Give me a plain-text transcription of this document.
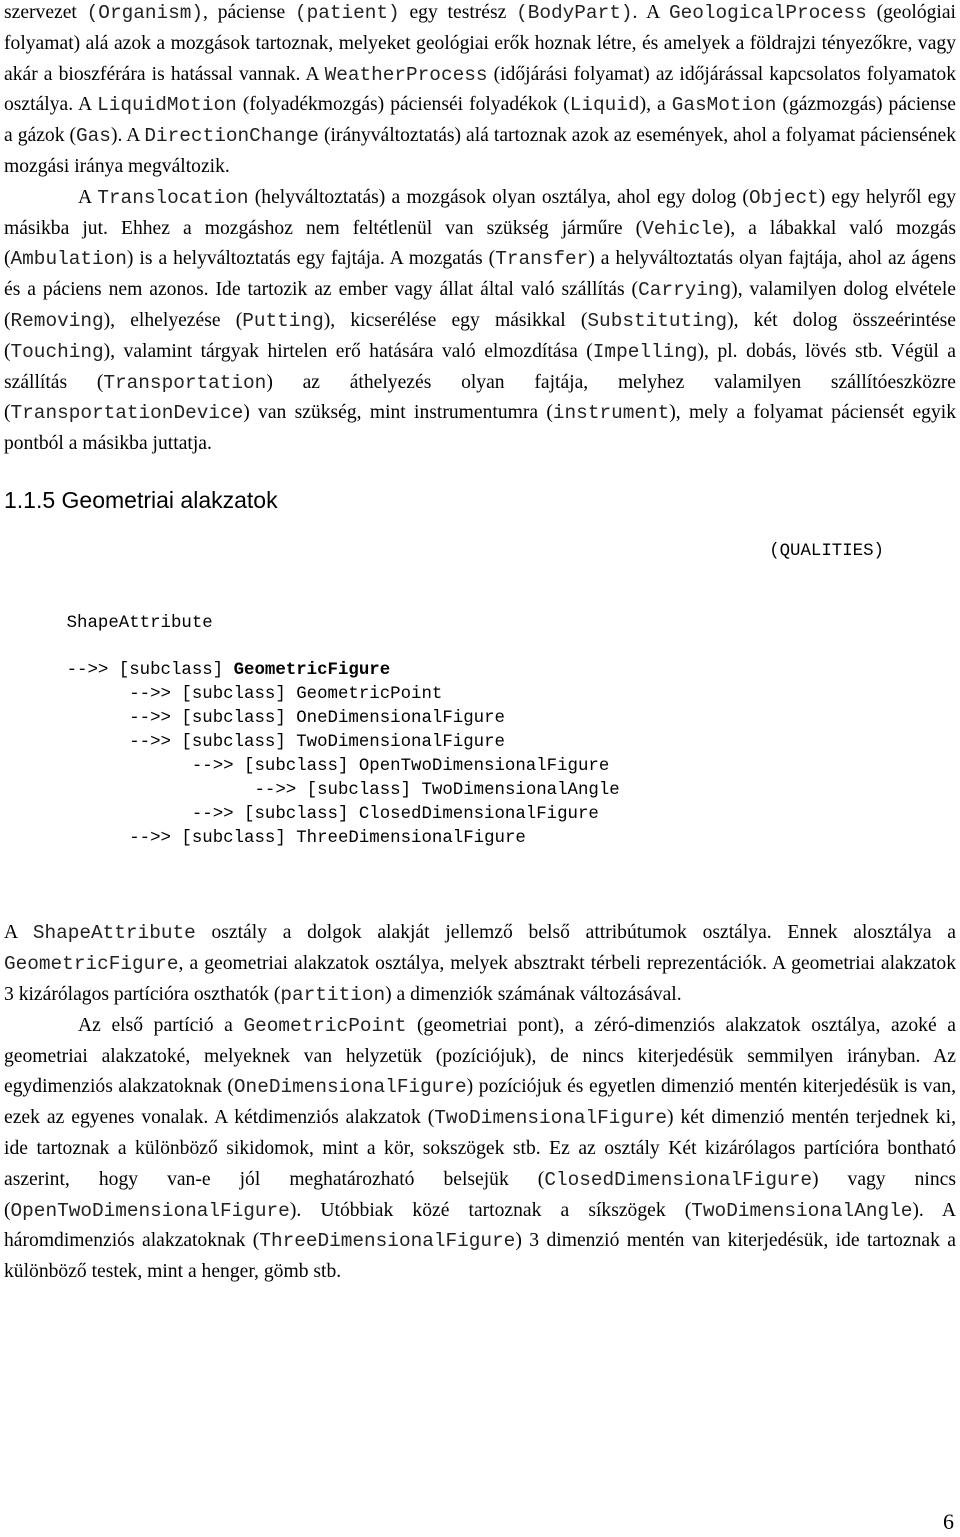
szervezet (Organism), páciense (patient) egy testrész (BodyPart). A GeologicalProcess (geológiai folyamat) alá azok a mozgások tartoznak, melyeket geológiai erők hoznak létre, és amelyek a földrajzi tényezőkre, vagy akár a bioszférára is hatással vannak. A WeatherProcess (időjárási folyamat) az időjárással kapcsolatos folyamatok osztálya. A LiquidMotion (folyadékmozgás) pácienséi folyadékok (Liquid), a GasMotion (gázmozgás) páciense a gázok (Gas). A DirectionChange (irányváltoztatás) alá tartoznak azok az események, ahol a folyamat páciensének mozgási iránya megváltozik.

A Translocation (helyváltoztatás) a mozgások olyan osztálya, ahol egy dolog (Object) egy helyről egy másikba jut. Ehhez a mozgáshoz nem feltétlenül van szükség járműre (Vehicle), a lábakkal való mozgás (Ambulation) is a helyváltoztatás egy fajtája. A mozgatás (Transfer) a helyváltoztatás olyan fajtája, ahol az ágens és a páciens nem azonos. Ide tartozik az ember vagy állat által való szállítás (Carrying), valamilyen dolog elvétele (Removing), elhelyezése (Putting), kicserélése egy másikkal (Substituting), két dolog összeérintése (Touching), valamint tárgyak hirtelen erő hatására való elmozdítása (Impelling), pl. dobás, lövés stb. Végül a szállítás (Transportation) az áthelyezés olyan fajtája, melyhez valamilyen szállítóeszközre (TransportationDevice) van szükség, mint instrumentumra (instrument), mely a folyamat páciensét egyik pontból a másikba juttatja.

1.1.5 Geometriai alakzatok

ShapeAttribute

(QUALITIES)

-->> [subclass] GeometricFigure
-->> [subclass] GeometricPoint
-->> [subclass] OneDimensionalFigure
-->> [subclass] TwoDimensionalFigure
-->> [subclass] OpenTwoDimensionalFigure
-->> [subclass] TwoDimensionalAngle
-->> [subclass] ClosedDimensionalFigure
-->> [subclass] ThreeDimensionalFigure

A ShapeAttribute osztály a dolgok alakját jellemző belső attribútumok osztálya. Ennek alosztálya a GeometricFigure, a geometriai alakzatok osztálya, melyek absztrakt térbeli reprezentációk. A geometriai alakzatok 3 kizárólagos partícióra oszthatók (partition) a dimenziók számának változásával.

Az első partíció a GeometricPoint (geometriai pont), a zéró-dimenziós alakzatok osztálya, azoké a geometriai alakzatoké, melyeknek van helyzetük (pozíciójuk), de nincs kiterjedésük semmilyen irányban. Az egydimenziós alakzatoknak (OneDimensionalFigure) pozíciójuk és egyetlen dimenzió mentén kiterjedésük is van, ezek az egyenes vonalak. A kétdimenziós alakzatok (TwoDimensionalFigure) két dimenzió mentén terjednek ki, ide tartoznak a különböző sikidomok, mint a kör, sokszögek stb. Ez az osztály Két kizárólagos partícióra bontható aszerint, hogy van-e jól meghatározható belsejük (ClosedDimensionalFigure) vagy nincs (OpenTwoDimensionalFigure). Utóbbiak közé tartoznak a síkszögek (TwoDimensionalAngle). A háromdimenziós alakzatoknak (ThreeDimensionalFigure) 3 dimenzió mentén van kiterjedésük, ide tartoznak a különböző testek, mint a henger, gömb stb.

6
